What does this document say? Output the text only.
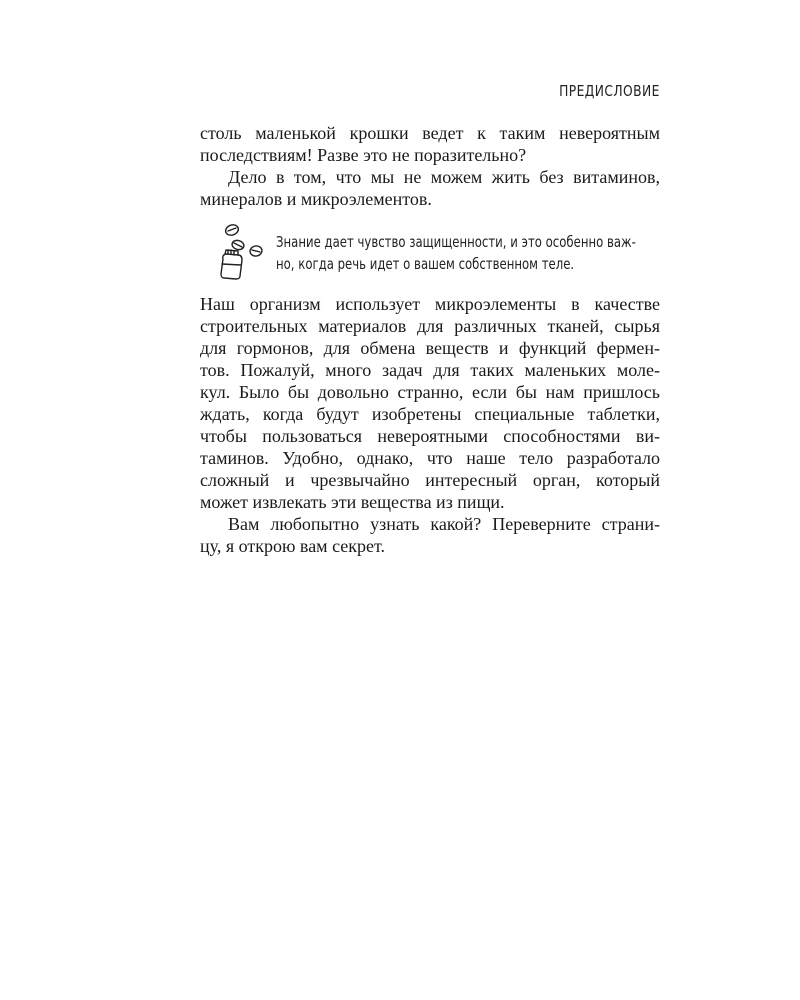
ПРЕДИСЛОВИЕ
столь маленькой крошки ведет к таким невероятным
последствиям! Разве это не поразительно?
Дело в том, что мы не можем жить без витаминов,
минералов и микроэлементов.
Знание дает чувство защищенности, и это особенно важ-
но, когда речь идет о вашем собственном теле.
Наш организм использует микроэлементы в качестве
строительных материалов для различных тканей, сырья
для гормонов, для обмена веществ и функций фермен-
тов. Пожалуй, много задач для таких маленьких моле-
кул. Было бы довольно странно, если бы нам пришлось
ждать, когда будут изобретены специальные таблетки,
чтобы пользоваться невероятными способностями ви-
таминов. Удобно, однако, что наше тело разработало
сложный и чрезвычайно интересный орган, который
может извлекать эти вещества из пищи.
Вам любопытно узнать какой? Переверните страни-
цу, я открою вам секрет.
